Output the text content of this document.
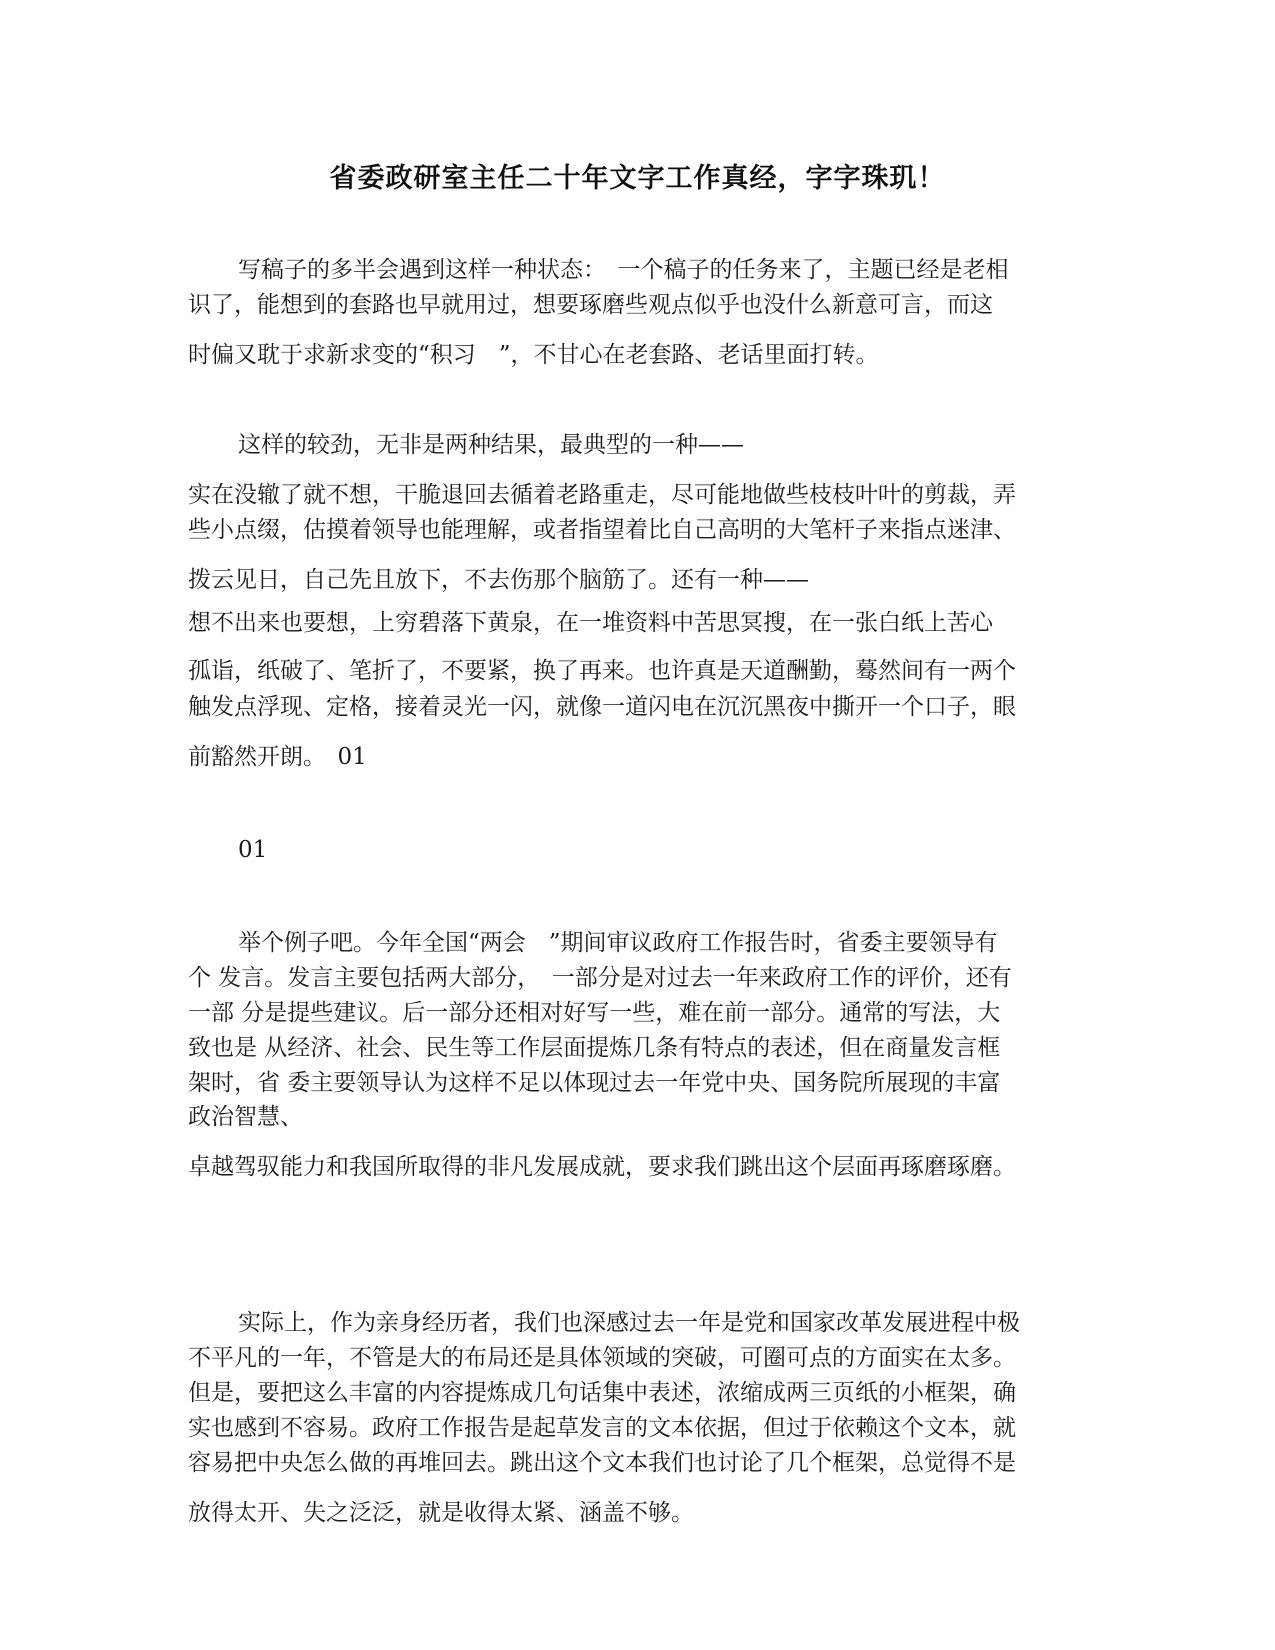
省委政研室主任二十年文字工作真经，字字珠玑！
写稿子的多半会遇到这样一种状态：　一个稿子的任务来了，主题已经是老相
识了，能想到的套路也早就用过，想要琢磨些观点似乎也没什么新意可言，而这
时偏又耽于求新求变的“积习　”，不甘心在老套路、老话里面打转。
这样的较劲，无非是两种结果，最典型的一种——
实在没辙了就不想，干脆退回去循着老路重走，尽可能地做些枝枝叶叶的剪裁，弄
些小点缀，估摸着领导也能理解，或者指望着比自己高明的大笔杆子来指点迷津、
拨云见日，自己先且放下，不去伤那个脑筋了。还有一种——
想不出来也要想，上穷碧落下黄泉，在一堆资料中苦思冥搜，在一张白纸上苦心
孤诣，纸破了、笔折了，不要紧，换了再来。也许真是天道酬勤，蓦然间有一两个
触发点浮现、定格，接着灵光一闪，就像一道闪电在沉沉黑夜中撕开一个口子，眼
前豁然开朗。　01
01
举个例子吧。今年全国“两会　”期间审议政府工作报告时，省委主要领导有
个 发言。发言主要包括两大部分，　一部分是对过去一年来政府工作的评价，还有
一部 分是提些建议。后一部分还相对好写一些，难在前一部分。通常的写法，大
致也是 从经济、社会、民生等工作层面提炼几条有特点的表述，但在商量发言框
架时，省 委主要领导认为这样不足以体现过去一年党中央、国务院所展现的丰富
政治智慧、
卓越驾驭能力和我国所取得的非凡发展成就，要求我们跳出这个层面再琢磨琢磨。
实际上，作为亲身经历者，我们也深感过去一年是党和国家改革发展进程中极
不平凡的一年，不管是大的布局还是具体领域的突破，可圈可点的方面实在太多。
但是，要把这么丰富的内容提炼成几句话集中表述，浓缩成两三页纸的小框架，确
实也感到不容易。政府工作报告是起草发言的文本依据，但过于依赖这个文本，就
容易把中央怎么做的再堆回去。跳出这个文本我们也讨论了几个框架，总觉得不是
放得太开、失之泛泛，就是收得太紧、涵盖不够。
